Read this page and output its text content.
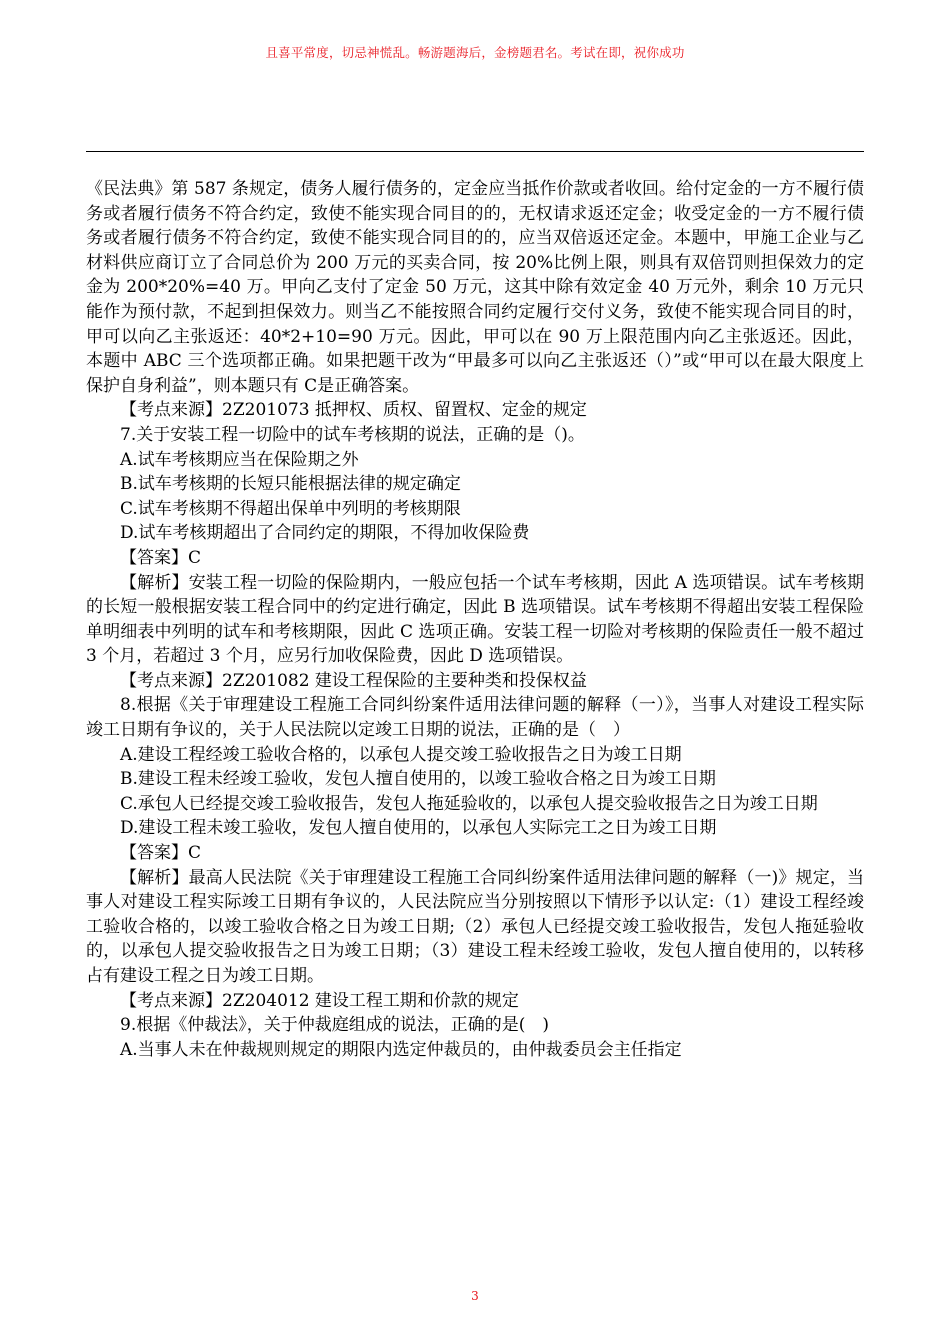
且喜平常度，切忌神慌乱。畅游题海后，金榜题君名。考试在即，祝你成功

《民法典》第 587 条规定，债务人履行债务的，定金应当抵作价款或者收回。给付定金的一方不履行债务或者履行债务不符合约定，致使不能实现合同目的的，无权请求返还定金；收受定金的一方不履行债务或者履行债务不符合约定，致使不能实现合同目的的，应当双倍返还定金。本题中，甲施工企业与乙材料供应商订立了合同总价为 200 万元的买卖合同，按 20%比例上限，则具有双倍罚则担保效力的定金为 200*20%=40 万。甲向乙支付了定金 50 万元，这其中除有效定金 40 万元外，剩余 10 万元只能作为预付款，不起到担保效力。则当乙不能按照合同约定履行交付义务，致使不能实现合同目的时，甲可以向乙主张返还：40*2+10=90 万元。因此，甲可以在 90 万上限范围内向乙主张返还。因此，本题中 ABC 三个选项都正确。如果把题干改为“甲最多可以向乙主张返还（）”或“甲可以在最大限度上保护自身利益”，则本题只有 C是正确答案。

【考点来源】2Z201073 抵押权、质权、留置权、定金的规定

7.关于安装工程一切险中的试车考核期的说法，正确的是（)。

A.试车考核期应当在保险期之外

B.试车考核期的长短只能根据法律的规定确定

C.试车考核期不得超出保单中列明的考核期限

D.试车考核期超出了合同约定的期限，不得加收保险费

【答案】C

【解析】安装工程一切险的保险期内，一般应包括一个试车考核期，因此 A 选项错误。试车考核期的长短一般根据安装工程合同中的约定进行确定，因此 B 选项错误。试车考核期不得超出安装工程保险单明细表中列明的试车和考核期限，因此 C 选项正确。安装工程一切险对考核期的保险责任一般不超过 3 个月，若超过 3 个月，应另行加收保险费，因此 D 选项错误。

【考点来源】2Z201082 建设工程保险的主要种类和投保权益

8.根据《关于审理建设工程施工合同纠纷案件适用法律问题的解释（一）》，当事人对建设工程实际竣工日期有争议的，关于人民法院以定竣工日期的说法，正确的是（　）

A.建设工程经竣工验收合格的，以承包人提交竣工验收报告之日为竣工日期

B.建设工程未经竣工验收，发包人擅自使用的，以竣工验收合格之日为竣工日期

C.承包人已经提交竣工验收报告，发包人拖延验收的，以承包人提交验收报告之日为竣工日期

D.建设工程未竣工验收，发包人擅自使用的，以承包人实际完工之日为竣工日期

【答案】C

【解析】最高人民法院《关于审理建设工程施工合同纠纷案件适用法律问题的解释（一)》规定，当事人对建设工程实际竣工日期有争议的，人民法院应当分别按照以下情形予以认定:（1）建设工程经竣工验收合格的，以竣工验收合格之日为竣工日期;（2）承包人已经提交竣工验收报告，发包人拖延验收的，以承包人提交验收报告之日为竣工日期；（3）建设工程未经竣工验收，发包人擅自使用的，以转移占有建设工程之日为竣工日期。

【考点来源】2Z204012 建设工程工期和价款的规定

9.根据《仲裁法》，关于仲裁庭组成的说法，正确的是(　)

A.当事人未在仲裁规则规定的期限内选定仲裁员的，由仲裁委员会主任指定

3
